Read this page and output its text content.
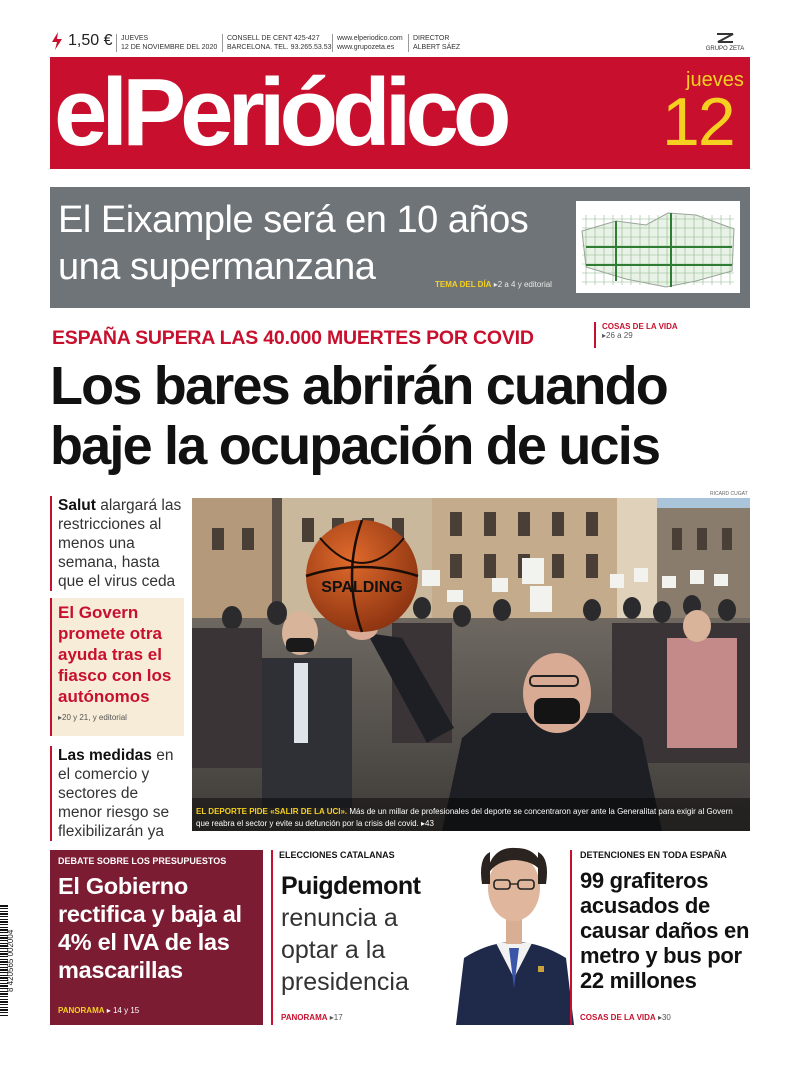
1,50 € JUEVES
12 DE NOVIEMBRE DEL 2020
CONSELL DE CENT 425-427
BARCELONA. TEL. 93.265.53.53
www.elperiodico.com
www.grupozeta.es
DIRECTOR
ALBERT SÁEZ	GRUPO ZETA
elPeriódico	jueves
12
El Eixample será en 10 años
una supermanzana	TEMA DEL DÍA ▸2 a 4 y editorial
ESPAÑA SUPERA LAS 40.000 MUERTES POR COVID
COSAS DE LA VIDA
▸26 a 29
Los bares abrirán cuando baje la ocupación de ucis
Salut alargará las restricciones al menos una semana, hasta que el virus ceda
El Govern promete otra ayuda tras el fiasco con los autónomos
▸20 y 21, y editorial
Las medidas en el comercio y sectores de menor riesgo se flexibilizarán ya
RICARD CUGAT
SPALDING
EL DEPORTE PIDE «SALIR DE LA UCI». Más de un millar de profesionales del deporte se concentraron ayer ante la Generalitat para exigir al Govern que reabra el sector y evite su defunción por la crisis del covid. ▸43
DEBATE SOBRE LOS PRESUPUESTOS
El Gobierno rectifica y baja al 4% el IVA de las mascarillas
PANORAMA ▸ 14 y 15
ELECCIONES CATALANAS
Puigdemont renuncia a optar a la presidencia
PANORAMA ▸17
DETENCIONES EN TODA ESPAÑA
99 grafiteros acusados de causar daños en metro y bus por 22 millones
COSAS DE LA VIDA ▸30
8 420565 002004
